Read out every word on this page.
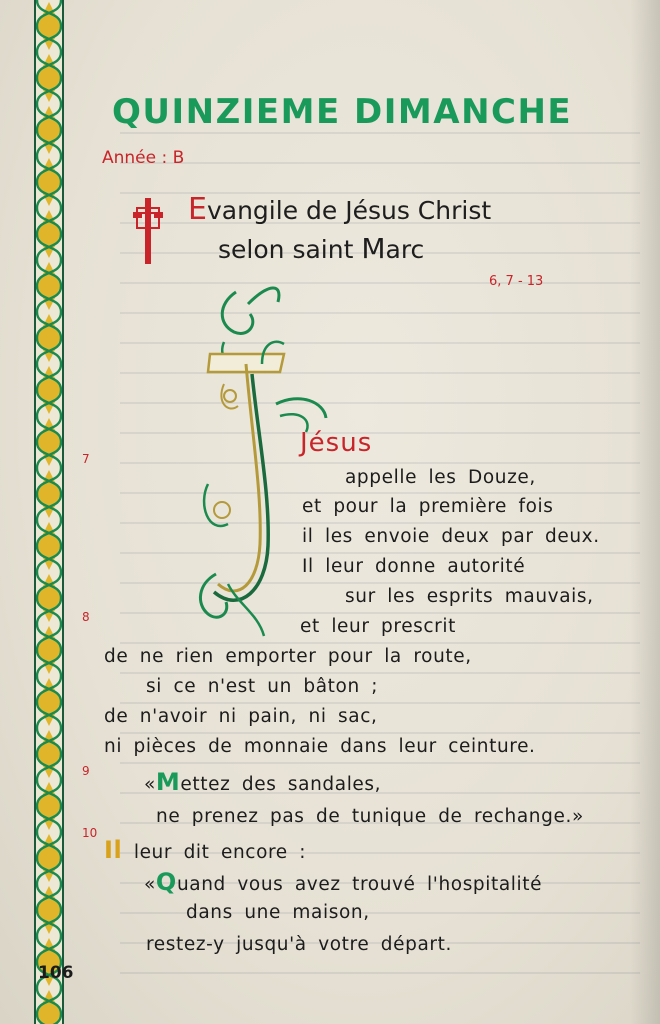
106
QUINZIEME DIMANCHE
Année : B
Evangile de Jésus Christ
selon saint Marc
6, 7 - 13
Jésus
7
8
9
10
appelle les Douze,
et pour la première fois
il les envoie deux par deux.
Il leur donne autorité
sur les esprits mauvais,
et leur prescrit
de ne rien emporter pour la route,
si ce n'est un bâton ;
de n'avoir ni pain, ni sac,
ni pièces de monnaie dans leur ceinture.
«Mettez des sandales,
ne prenez pas de tunique de rechange.»
Il leur dit encore :
«Quand vous avez trouvé l'hospitalité
dans une maison,
restez-y jusqu'à votre départ.
